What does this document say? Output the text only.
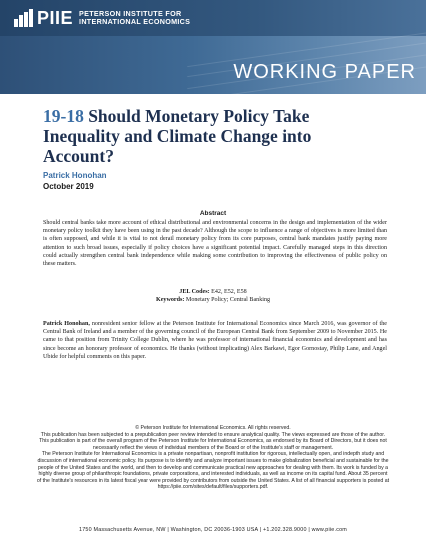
PIIE PETERSON INSTITUTE FOR
INTERNATIONAL ECONOMICS
WORKING PAPER
19-18 Should Monetary Policy Take Inequality and Climate Change into Account?
Patrick Honohan
October 2019
Abstract
Should central banks take more account of ethical distributional and environmental concerns in the design and implementation of the wider monetary policy toolkit they have been using in the past decade? Although the scope to influence a range of objectives is more limited than is often supposed, and while it is vital to not derail monetary policy from its core purposes, central bank mandates justify paying more attention to such broad issues, especially if policy choices have a significant potential impact. Carefully managed steps in this direction could actually strengthen central bank independence while making some contribution to improving the effectiveness of public policy on these matters.
JEL Codes: E42, E52, E58
Keywords: Monetary Policy; Central Banking
Patrick Honohan, nonresident senior fellow at the Peterson Institute for International Economics since March 2016, was governor of the Central Bank of Ireland and a member of the governing council of the European Central Bank from September 2009 to November 2015. He came to that position from Trinity College Dublin, where he was professor of international financial economics and development and has since become an honorary professor of economics. He thanks (without implicating) Alex Barkawi, Egor Gornostay, Philip Lane, and Angel Ubide for helpful comments on this paper.

© Peterson Institute for International Economics. All rights reserved.

This publication has been subjected to a prepublication peer review intended to ensure analytical quality. The views expressed are those of the author. This publication is part of the overall program of the Peterson Institute for International Economics, as endorsed by its Board of Directors, but it does not necessarily reflect the views of individual members of the Board or of the Institute's staff or management.

The Peterson Institute for International Economics is a private nonpartisan, nonprofit institution for rigorous, intellectually open, and indepth study and discussion of international economic policy. Its purpose is to identify and analyze important issues to make globalization beneficial and sustainable for the people of the United States and the world, and then to develop and communicate practical new approaches for dealing with them. Its work is funded by a highly diverse group of philanthropic foundations, private corporations, and interested individuals, as well as income on its capital fund. About 35 percent of the Institute's resources in its latest fiscal year were provided by contributors from outside the United States. A list of all financial supporters is posted at https://piie.com/sites/default/files/supporters.pdf.

1750 Massachusetts Avenue, NW | Washington, DC 20036-1903 USA | +1.202.328.9000 | www.piie.com
